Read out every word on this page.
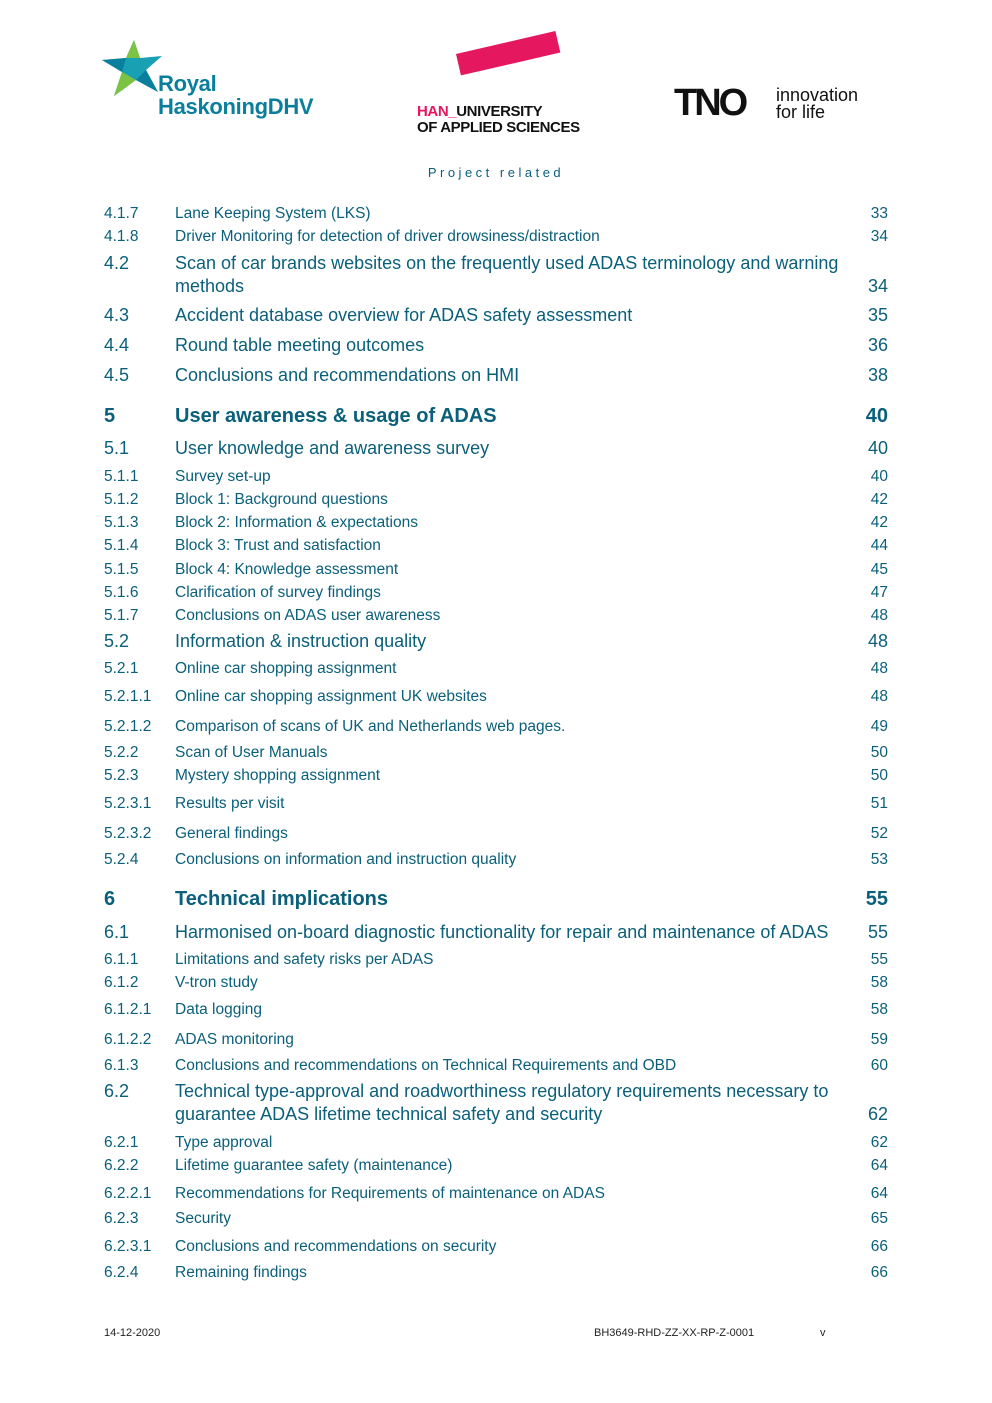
Royal
HaskoningDHV	HAN_UNIVERSITY
OF APPLIED SCIENCES
TNO innovation
for life
Project related
4.1.7 Lane Keeping System (LKS)	33
4.1.8 Driver Monitoring for detection of driver drowsiness/distraction	34
4.2	Scan of car brands websites on the frequently used ADAS terminology and warning methods	34
4.3	Accident database overview for ADAS safety assessment	35
4.4	Round table meeting outcomes	36
4.5	Conclusions and recommendations on HMI	38
5	User awareness & usage of ADAS	40
5.1	User knowledge and awareness survey	40
5.1.1 Survey set-up	40
5.1.2 Block 1: Background questions	42
5.1.3 Block 2: Information & expectations	42
5.1.4 Block 3: Trust and satisfaction	44
5.1.5 Block 4: Knowledge assessment	45
5.1.6 Clarification of survey findings	47
5.1.7 Conclusions on ADAS user awareness	48
5.2	Information & instruction quality	48
5.2.1 Online car shopping assignment	48
5.2.1.1 Online car shopping assignment UK websites	48
5.2.1.2 Comparison of scans of UK and Netherlands web pages.	49
5.2.2 Scan of User Manuals	50
5.2.3 Mystery shopping assignment	50
5.2.3.1 Results per visit	51
5.2.3.2 General findings	52
5.2.4 Conclusions on information and instruction quality	53
6	Technical implications	55
6.1	Harmonised on-board diagnostic functionality for repair and maintenance of ADAS	55
6.1.1 Limitations and safety risks per ADAS	55
6.1.2 V-tron study	58
6.1.2.1 Data logging	58
6.1.2.2 ADAS monitoring	59
6.1.3 Conclusions and recommendations on Technical Requirements and OBD	60
6.2	Technical type-approval and roadworthiness regulatory requirements necessary to guarantee ADAS lifetime technical safety and security	62
6.2.1 Type approval	62
6.2.2 Lifetime guarantee safety (maintenance)	64
6.2.2.1 Recommendations for Requirements of maintenance on ADAS	64
6.2.3 Security	65
6.2.3.1 Conclusions and recommendations on security	66
6.2.4 Remaining findings	66
14-12-2020	BH3649-RHD-ZZ-XX-RP-Z-0001	v
